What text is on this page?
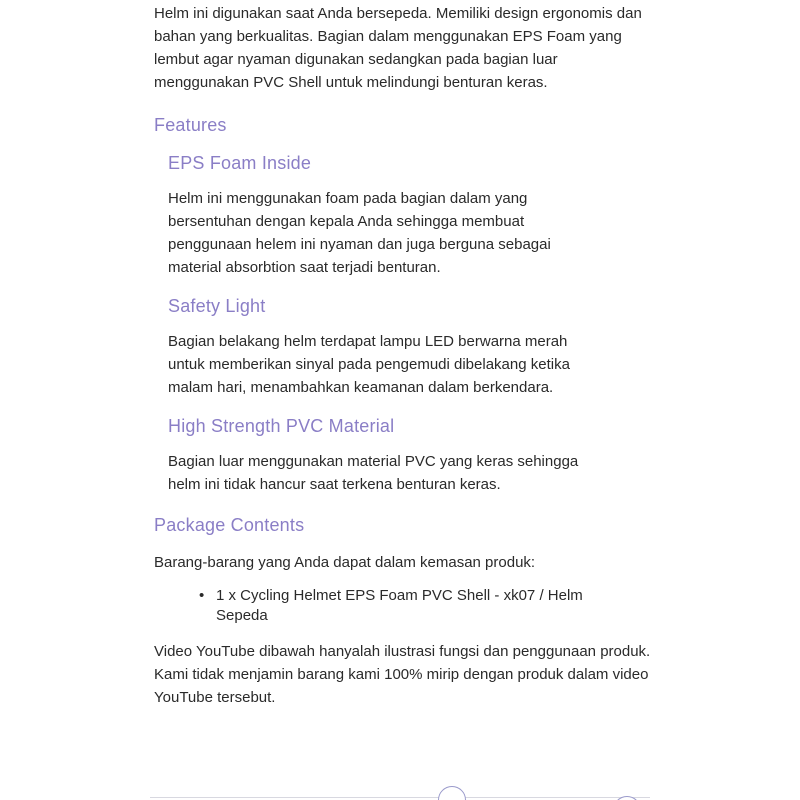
Helm ini digunakan saat Anda bersepeda. Memiliki design ergonomis dan bahan yang berkualitas. Bagian dalam menggunakan EPS Foam yang lembut agar nyaman digunakan sedangkan pada bagian luar menggunakan PVC Shell untuk melindungi benturan keras.

Features
EPS Foam Inside

Helm ini menggunakan foam pada bagian dalam yang bersentuhan dengan kepala Anda sehingga membuat penggunaan helem ini nyaman dan juga berguna sebagai material absorbtion saat terjadi benturan.

Safety Light

Bagian belakang helm terdapat lampu LED berwarna merah untuk memberikan sinyal pada pengemudi dibelakang ketika malam hari, menambahkan keamanan dalam berkendara.

High Strength PVC Material

Bagian luar menggunakan material PVC yang keras sehingga helm ini tidak hancur saat terkena benturan keras.

Package Contents

Barang-barang yang Anda dapat dalam kemasan produk:

• 1 x Cycling Helmet EPS Foam PVC Shell - xk07 / Helm Sepeda

Video YouTube dibawah hanyalah ilustrasi fungsi dan penggunaan produk. Kami tidak menjamin barang kami 100% mirip dengan produk dalam video YouTube tersebut.
